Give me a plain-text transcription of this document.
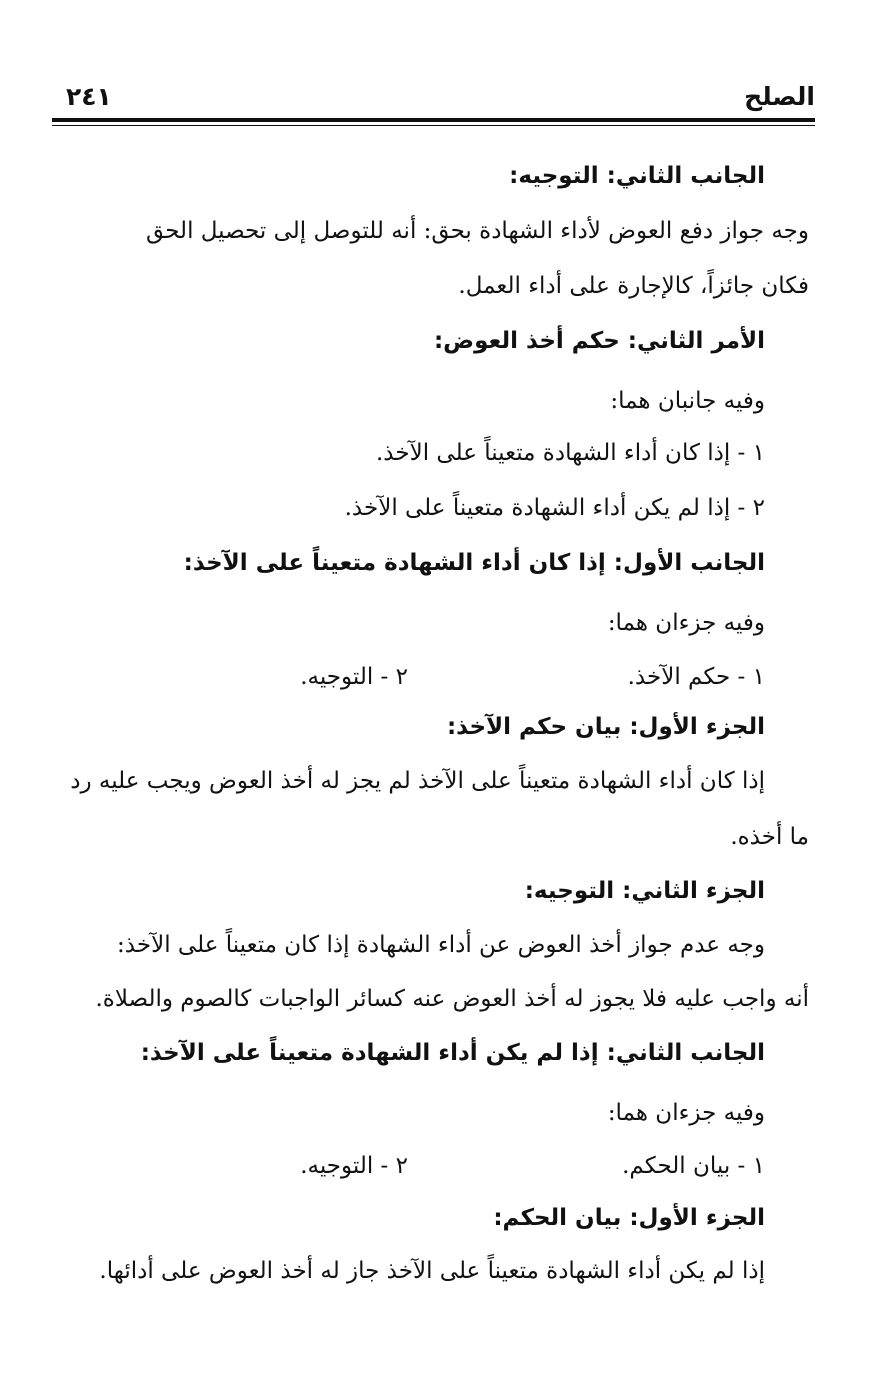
الصلح
٢٤١
الجانب الثاني: التوجيه:
وجه جواز دفع العوض لأداء الشهادة بحق: أنه للتوصل إلى تحصيل الحق
فكان جائزاً، كالإجارة على أداء العمل.
الأمر الثاني: حكم أخذ العوض:
وفيه جانبان هما:
١ - إذا كان أداء الشهادة متعيناً على الآخذ.
٢ - إذا لم يكن أداء الشهادة متعيناً على الآخذ.
الجانب الأول: إذا كان أداء الشهادة متعيناً على الآخذ:
وفيه جزءان هما:
١ - حكم الآخذ.
٢ - التوجيه.
الجزء الأول: بيان حكم الآخذ:
إذا كان أداء الشهادة متعيناً على الآخذ لم يجز له أخذ العوض ويجب عليه رد
ما أخذه.
الجزء الثاني: التوجيه:
وجه عدم جواز أخذ العوض عن أداء الشهادة إذا كان متعيناً على الآخذ:
أنه واجب عليه فلا يجوز له أخذ العوض عنه كسائر الواجبات كالصوم والصلاة.
الجانب الثاني: إذا لم يكن أداء الشهادة متعيناً على الآخذ:
وفيه جزءان هما:
١ - بيان الحكم.
٢ - التوجيه.
الجزء الأول: بيان الحكم:
إذا لم يكن أداء الشهادة متعيناً على الآخذ جاز له أخذ العوض على أدائها.
